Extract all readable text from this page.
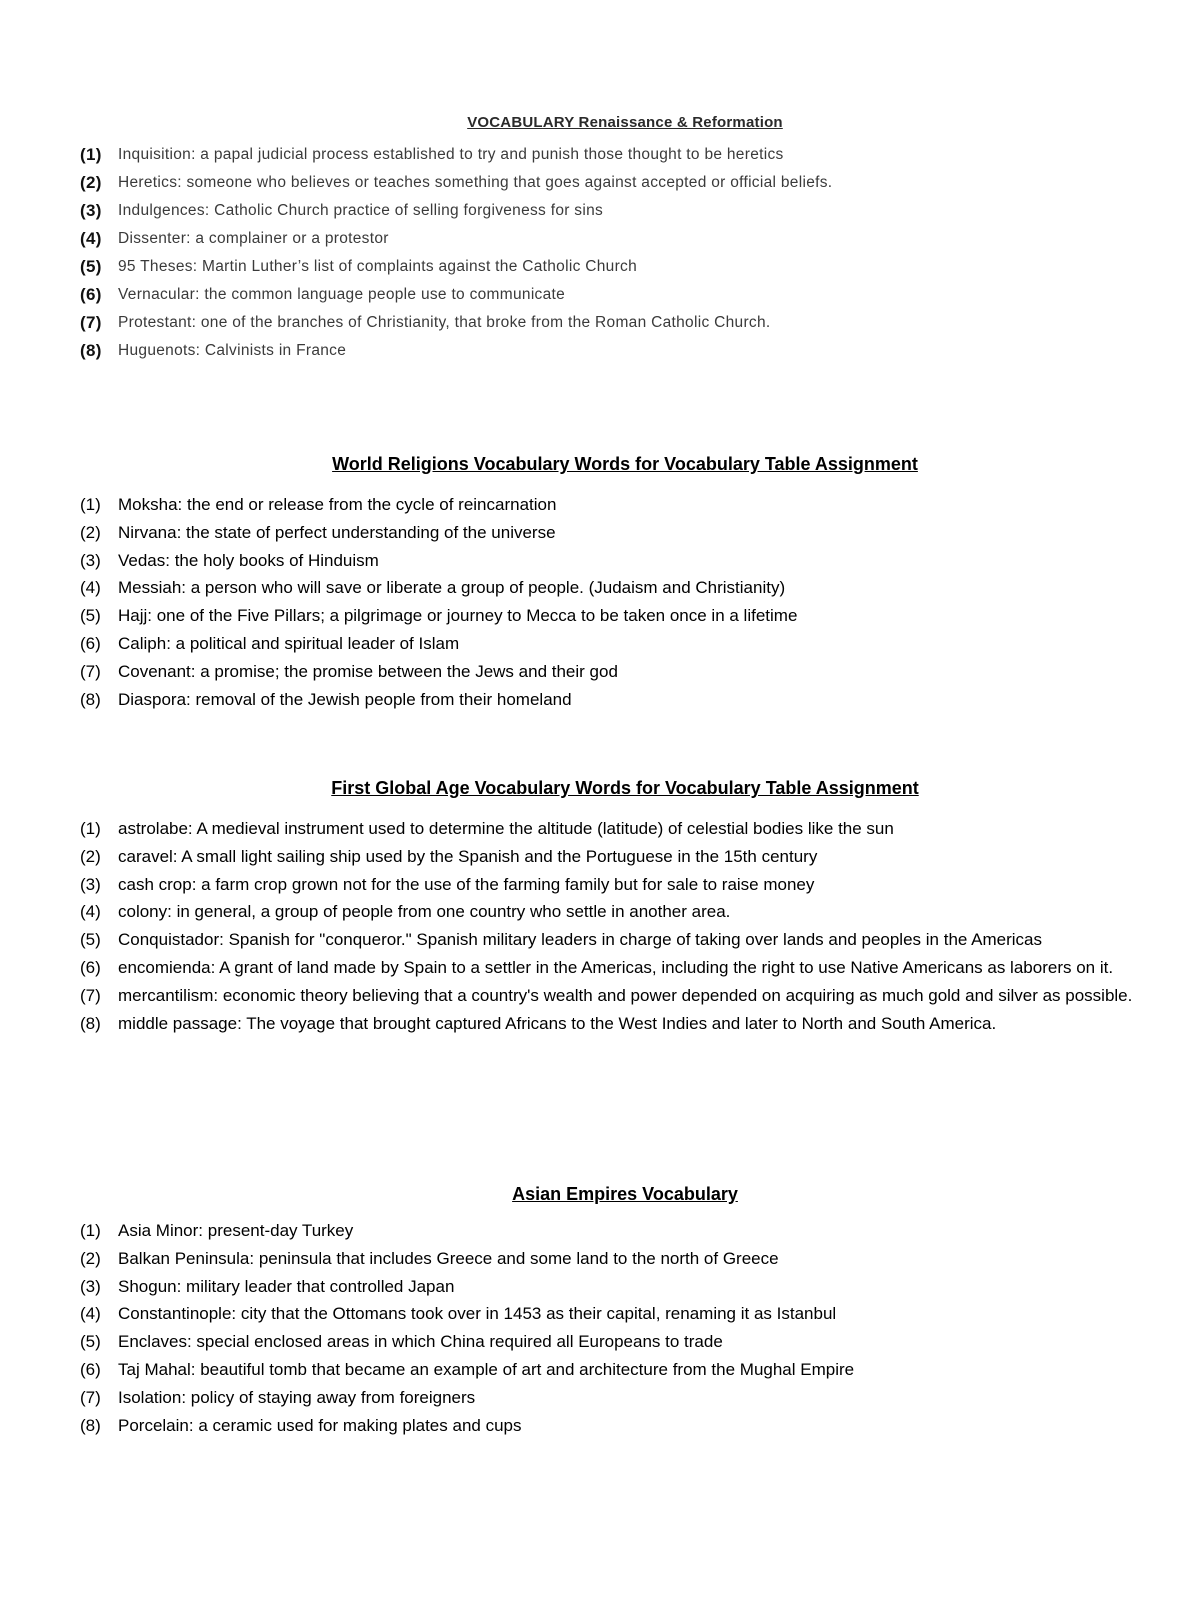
VOCABULARY Renaissance & Reformation
(1)	Inquisition: a papal judicial process established to try and punish those thought to be heretics
(2)	Heretics: someone who believes or teaches something that goes against accepted or official beliefs.
(3)	Indulgences: Catholic Church practice of selling forgiveness for sins
(4)	Dissenter: a complainer or a protestor
(5)	95 Theses: Martin Luther’s list of complaints against the Catholic Church
(6)	Vernacular: the common language people use to communicate
(7)	Protestant: one of the branches of Christianity, that broke from the Roman Catholic Church.
(8)	Huguenots: Calvinists in France
World Religions Vocabulary Words for Vocabulary Table Assignment
(1)	Moksha: the end or release from the cycle of reincarnation
(2)	Nirvana: the state of perfect understanding of the universe
(3)	Vedas: the holy books of Hinduism
(4)	Messiah: a person who will save or liberate a group of people. (Judaism and Christianity)
(5)	Hajj: one of the Five Pillars; a pilgrimage or journey to Mecca to be taken once in a lifetime
(6)	Caliph: a political and spiritual leader of Islam
(7)	Covenant: a promise; the promise between the Jews and their god
(8)	Diaspora: removal of the Jewish people from their homeland
First Global Age Vocabulary Words for Vocabulary Table Assignment
(1)	astrolabe: A medieval instrument used to determine the altitude (latitude) of celestial bodies like the sun
(2)	caravel: A small light sailing ship used by the Spanish and the Portuguese in the 15th century
(3)	cash crop: a farm crop grown not for the use of the farming family but for sale to raise money
(4)	colony: in general, a group of people from one country who settle in another area.
(5)	Conquistador: Spanish for "conqueror." Spanish military leaders in charge of taking over lands and peoples in the Americas
(6)	encomienda: A grant of land made by Spain to a settler in the Americas, including the right to use Native Americans as laborers on it.
(7)	mercantilism: economic theory believing that a country's wealth and power depended on acquiring as much gold and silver as possible.
(8)	middle passage: The voyage that brought captured Africans to the West Indies and later to North and South America.
Asian Empires Vocabulary
(1)	Asia Minor: present-day Turkey
(2)	Balkan Peninsula: peninsula that includes Greece and some land to the north of Greece
(3)	Shogun: military leader that controlled Japan
(4)	Constantinople: city that the Ottomans took over in 1453 as their capital, renaming it as Istanbul
(5)	Enclaves: special enclosed areas in which China required all Europeans to trade
(6)	Taj Mahal: beautiful tomb that became an example of art and architecture from the Mughal Empire
(7)	Isolation: policy of staying away from foreigners
(8)	Porcelain: a ceramic used for making plates and cups
